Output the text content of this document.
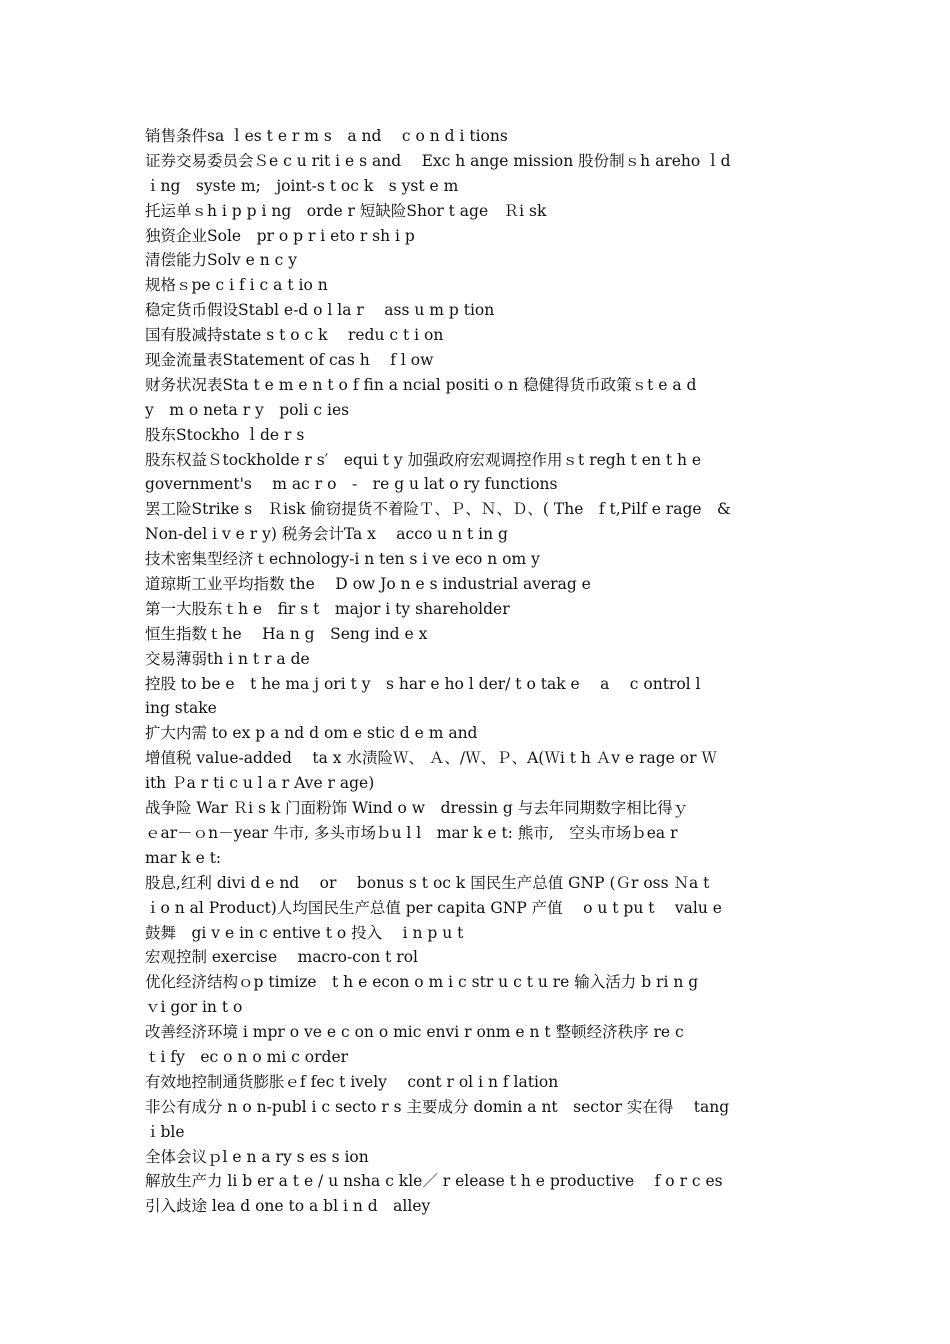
销售条件sa ｌes t e r m s　a nd　 c o n d i tions
证券交易委员会Ｓe c u rit i e s and　 Exc h ange mission 股份制ｓh areho ｌd
ｉng　syste m;　joint-s t oc k　s yst e m
托运单ｓh i p p i ng　orde r 短缺险Shor t age　Ｒi sk
独资企业Sole　pr o p r i eto r sh i p
清偿能力Solv e n c y
规格ｓpe c i f i c a t io n
稳定货币假设Stabl e-d o l la r　 ass u m p tion
国有股减持state s t o c k　 redu c t i on
现金流量表Statement of cas h　 f l ow
财务状况表Sta t e m e n t o f fin a ncial positi o n 稳健得货币政策ｓt e a d
y　m o neta r y　poli c ies
股东Stockho ｌde r s
股东权益Ｓtockholde r s′　equi t y 加强政府宏观调控作用ｓt regh t en t h e
government's　 m ac r o　-　re g u lat o ry functions
罢工险Strike s　Ｒisk 偷窃提货不着险Ｔ、Ｐ、Ｎ、Ｄ、( The　f t,Pilf e rage　&
Non-del i v e r y) 税务会计Ta x　 acco u n t in g
技术密集型经济ｔechnology-i n ten s i ve eco n om y
道琼斯工业平均指数 the　 D ow Jo n e s industrial averag e
第一大股东ｔh e　fir s t　major i ty shareholder
恒生指数ｔhe　 Ha n g　Seng ind e x
交易薄弱th i n t r a de
控股 to be e　t he ma j ori t y　s har e ho l der/ t o tak e　 a　 c ontrol l
ing stake
扩大内需 to ex p a nd d om e stic d e m and
增值税 value-added　 ta x 水渍险Ｗ、 Ａ、/Ｗ、Ｐ、A(Ｗi t h Ａv e rage or Ｗ
ith Ｐa r ti c u l a r Ave r age)
战争险 War Ｒi s k 门面粉饰 Wind o w　dressin g 与去年同期数字相比得ｙ
ｅar－ｏn－year 牛市, 多头市场ｂu l l　mar k e t: 熊市,　空头市场ｂea r
mar k e t:
股息,红利 divi d e nd　 or　 bonus s t oc k 国民生产总值 GNP (Ｇr oss Ｎa t
ｉo n al Product)人均国民生产总值 per capita GNP 产值　 o u t pu t　 valu e
鼓舞　gi v e in c entive t o 投入　 i n p u t
宏观控制 exercise　 macro-con t rol
优化经济结构ｏp timize　t h e econ o m i c str u c t u re 输入活力 b ri n g
ｖi gor in t o
改善经济环境 i mpr o ve e c on o mic envi r onm e n t 整顿经济秩序 re c
ｔi fy　ec o n o mi c order
有效地控制通货膨胀ｅf fec t ively　 cont r ol i n f lation
非公有成分 n o n-publ i c secto r s 主要成分 domin a nt　sector 实在得　 tang
ｉble
全体会议ｐl e n a ry s es s ion
解放生产力 li b er a t e / u nsha c kle／ r elease t h e productive　 f o r c es
引入歧途 lea d one to a bl i n d　alley
